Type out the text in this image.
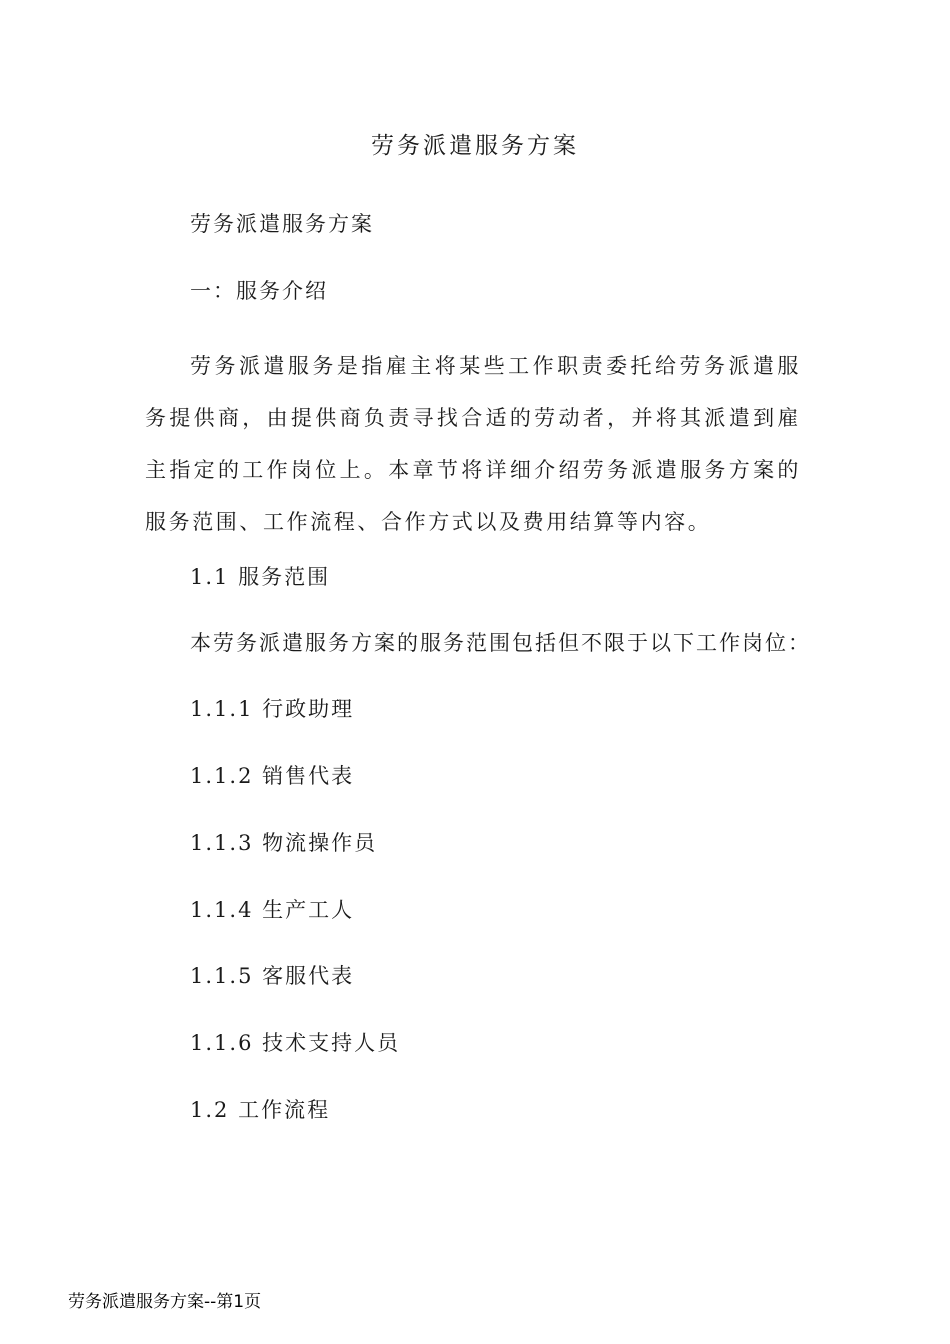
劳务派遣服务方案
劳务派遣服务方案
一：服务介绍
劳务派遣服务是指雇主将某些工作职责委托给劳务派遣服务提供商，由提供商负责寻找合适的劳动者，并将其派遣到雇主指定的工作岗位上。本章节将详细介绍劳务派遣服务方案的服务范围、工作流程、合作方式以及费用结算等内容。
1.1 服务范围
本劳务派遣服务方案的服务范围包括但不限于以下工作岗位：
1.1.1 行政助理
1.1.2 销售代表
1.1.3 物流操作员
1.1.4 生产工人
1.1.5 客服代表
1.1.6 技术支持人员
1.2 工作流程
劳务派遣服务方案--第1页
